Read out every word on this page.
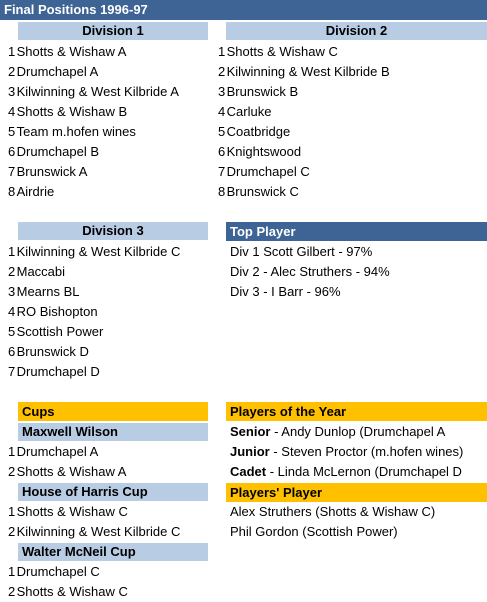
Final Positions 1996-97
Division 1
1 Shotts & Wishaw A
2 Drumchapel A
3 Kilwinning & West Kilbride A
4 Shotts & Wishaw B
5 Team m.hofen wines
6 Drumchapel B
7 Brunswick A
8 Airdrie
Division 2
1 Shotts & Wishaw C
2 Kilwinning & West Kilbride B
3 Brunswick B
4 Carluke
5 Coatbridge
6 Knightswood
7 Drumchapel C
8 Brunswick C
Division 3
1 Kilwinning & West Kilbride C
2 Maccabi
3 Mearns BL
4 RO Bishopton
5 Scottish Power
6 Brunswick D
7 Drumchapel D
Top Player
Div 1 Scott Gilbert - 97%
Div 2 - Alec Struthers - 94%
Div 3 - I Barr - 96%
Cups
Maxwell Wilson
1 Drumchapel A
2 Shotts & Wishaw A
House of Harris Cup
1 Shotts & Wishaw C
2 Kilwinning & West Kilbride C
Walter McNeil Cup
1 Drumchapel C
2 Shotts & Wishaw C
Players of the Year
Senior - Andy Dunlop (Drumchapel A
Junior - Steven Proctor (m.hofen wines)
Cadet - Linda McLernon (Drumchapel D
Players' Player
Alex Struthers (Shotts & Wishaw C)
Phil Gordon (Scottish Power)
